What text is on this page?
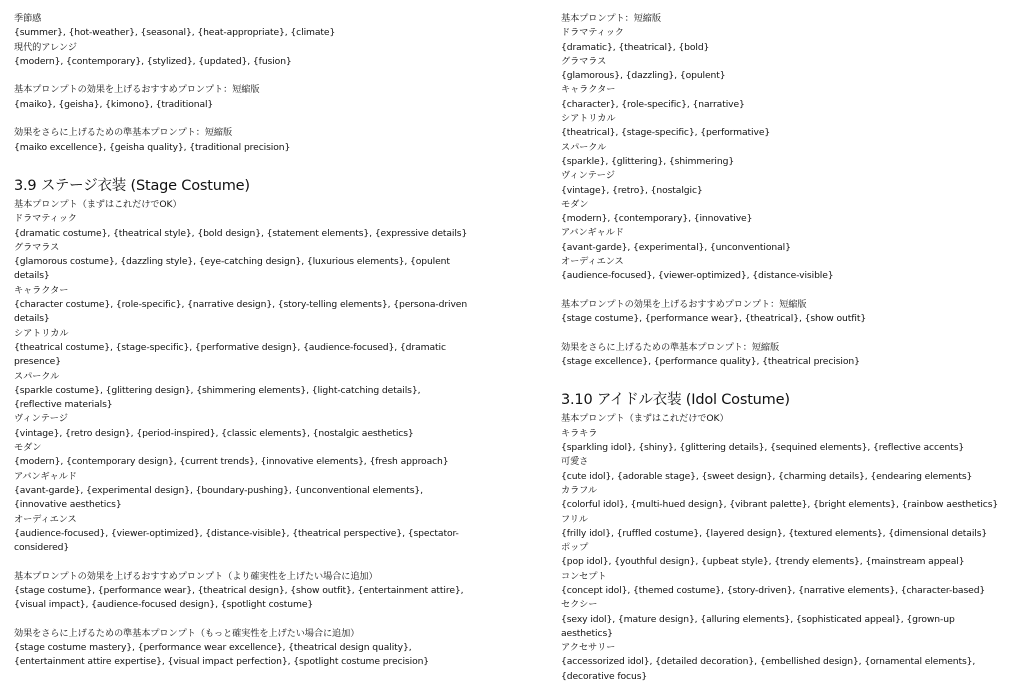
季節感
{summer}, {hot-weather}, {seasonal}, {heat-appropriate}, {climate}
現代的アレンジ
{modern}, {contemporary}, {stylized}, {updated}, {fusion}
基本プロンプトの効果を上げるおすすめプロンプト：短縮版
{maiko}, {geisha}, {kimono}, {traditional}
効果をさらに上げるための準基本プロンプト：短縮版
{maiko excellence}, {geisha quality}, {traditional precision}
3.9 ステージ衣装 (Stage Costume)
基本プロンプト（まずはこれだけでOK）
ドラマティック
{dramatic costume}, {theatrical style}, {bold design}, {statement elements}, {expressive details}
グラマラス
{glamorous costume}, {dazzling style}, {eye-catching design}, {luxurious elements}, {opulent details}
キャラクター
{character costume}, {role-specific}, {narrative design}, {story-telling elements}, {persona-driven details}
シアトリカル
{theatrical costume}, {stage-specific}, {performative design}, {audience-focused}, {dramatic presence}
スパークル
{sparkle costume}, {glittering design}, {shimmering elements}, {light-catching details}, {reflective materials}
ヴィンテージ
{vintage}, {retro design}, {period-inspired}, {classic elements}, {nostalgic aesthetics}
モダン
{modern}, {contemporary design}, {current trends}, {innovative elements}, {fresh approach}
アバンギャルド
{avant-garde}, {experimental design}, {boundary-pushing}, {unconventional elements}, {innovative aesthetics}
オーディエンス
{audience-focused}, {viewer-optimized}, {distance-visible}, {theatrical perspective}, {spectator-considered}
基本プロンプトの効果を上げるおすすめプロンプト（より確実性を上げたい場合に追加）
{stage costume}, {performance wear}, {theatrical design}, {show outfit}, {entertainment attire}, {visual impact}, {audience-focused design}, {spotlight costume}
効果をさらに上げるための準基本プロンプト（もっと確実性を上げたい場合に追加）
{stage costume mastery}, {performance wear excellence}, {theatrical design quality}, {entertainment attire expertise}, {visual impact perfection}, {spotlight costume precision}
基本プロンプト：短縮版
ドラマティック
{dramatic}, {theatrical}, {bold}
グラマラス
{glamorous}, {dazzling}, {opulent}
キャラクター
{character}, {role-specific}, {narrative}
シアトリカル
{theatrical}, {stage-specific}, {performative}
スパークル
{sparkle}, {glittering}, {shimmering}
ヴィンテージ
{vintage}, {retro}, {nostalgic}
モダン
{modern}, {contemporary}, {innovative}
アバンギャルド
{avant-garde}, {experimental}, {unconventional}
オーディエンス
{audience-focused}, {viewer-optimized}, {distance-visible}
基本プロンプトの効果を上げるおすすめプロンプト：短縮版
{stage costume}, {performance wear}, {theatrical}, {show outfit}
効果をさらに上げるための準基本プロンプト：短縮版
{stage excellence}, {performance quality}, {theatrical precision}
3.10 アイドル衣装 (Idol Costume)
基本プロンプト（まずはこれだけでOK）
キラキラ
{sparkling idol}, {shiny}, {glittering details}, {sequined elements}, {reflective accents}
可愛さ
{cute idol}, {adorable stage}, {sweet design}, {charming details}, {endearing elements}
カラフル
{colorful idol}, {multi-hued design}, {vibrant palette}, {bright elements}, {rainbow aesthetics}
フリル
{frilly idol}, {ruffled costume}, {layered design}, {textured elements}, {dimensional details}
ポップ
{pop idol}, {youthful design}, {upbeat style}, {trendy elements}, {mainstream appeal}
コンセプト
{concept idol}, {themed costume}, {story-driven}, {narrative elements}, {character-based}
セクシー
{sexy idol}, {mature design}, {alluring elements}, {sophisticated appeal}, {grown-up aesthetics}
アクセサリー
{accessorized idol}, {detailed decoration}, {embellished design}, {ornamental elements}, {decorative focus}
